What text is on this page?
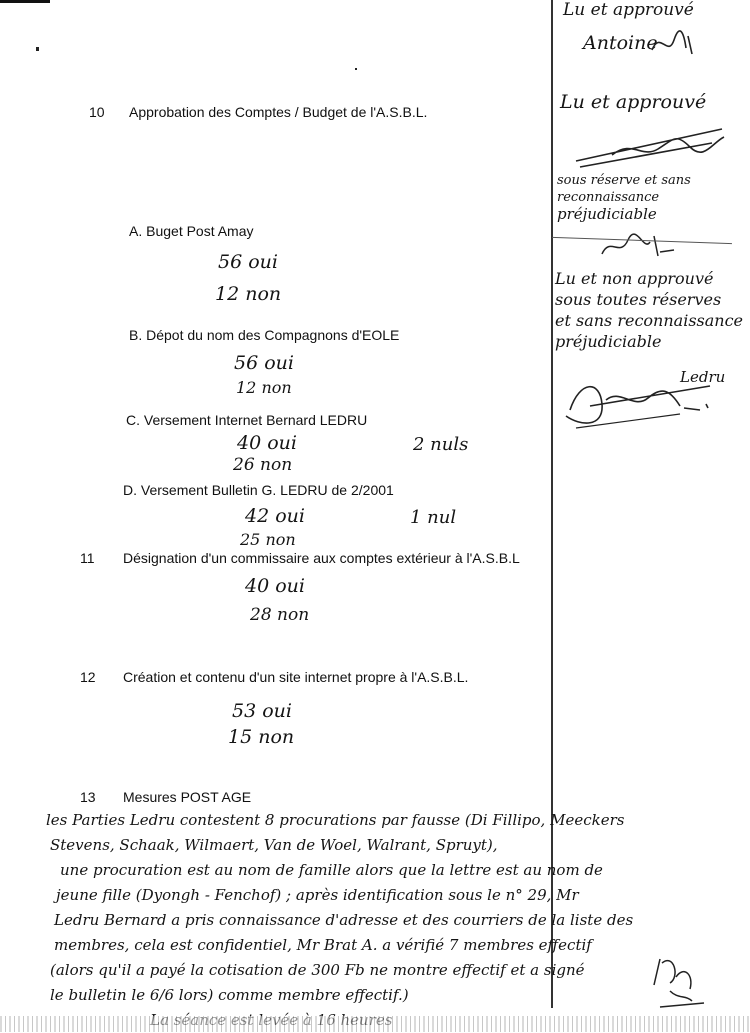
10 Approbation des Comptes / Budget de l'A.S.B.L.
A. Buget Post Amay
56 oui
12 non
B. Dépot du nom des Compagnons d'EOLE
56 oui
12 non
C. Versement Internet Bernard LEDRU
40 oui
26 non
2 nuls
D. Versement Bulletin G. LEDRU de 2/2001
42 oui
25 non
1 nul
11 Désignation d'un commissaire aux comptes extérieur à l'A.S.B.L
40 oui
28 non
12 Création et contenu d'un site internet propre à l'A.S.B.L.
53 oui
15 non
13 Mesures POST AGE
les Parties Ledru contestent 8 procurations par fausse (Di Fillipo, Meeckers
Stevens, Schaak, Wilmaert, Van de Woel, Walrant, Spruyt),
une procuration est au nom de famille alors que la lettre est au nom de
jeune fille (Dyongh - Fenchof) ; après identification sous le n° 29, Mr
Ledru Bernard a pris connaissance d'adresse et des courriers de la liste des
membres, cela est confidentiel, Mr Brat A. a vérifié 7 membres effectif
(alors qu'il a payé la cotisation de 300 Fb ne montre effectif et a signé
le bulletin le 6/6 lors) comme membre effectif.)
Lu et approuvé
Antoine
Lu et approuvé
sous réserve et sans
reconnaissance
préjudiciable
Lu et non approuvé
sous toutes réserves
et sans reconnaissance
préjudiciable
Ledru
